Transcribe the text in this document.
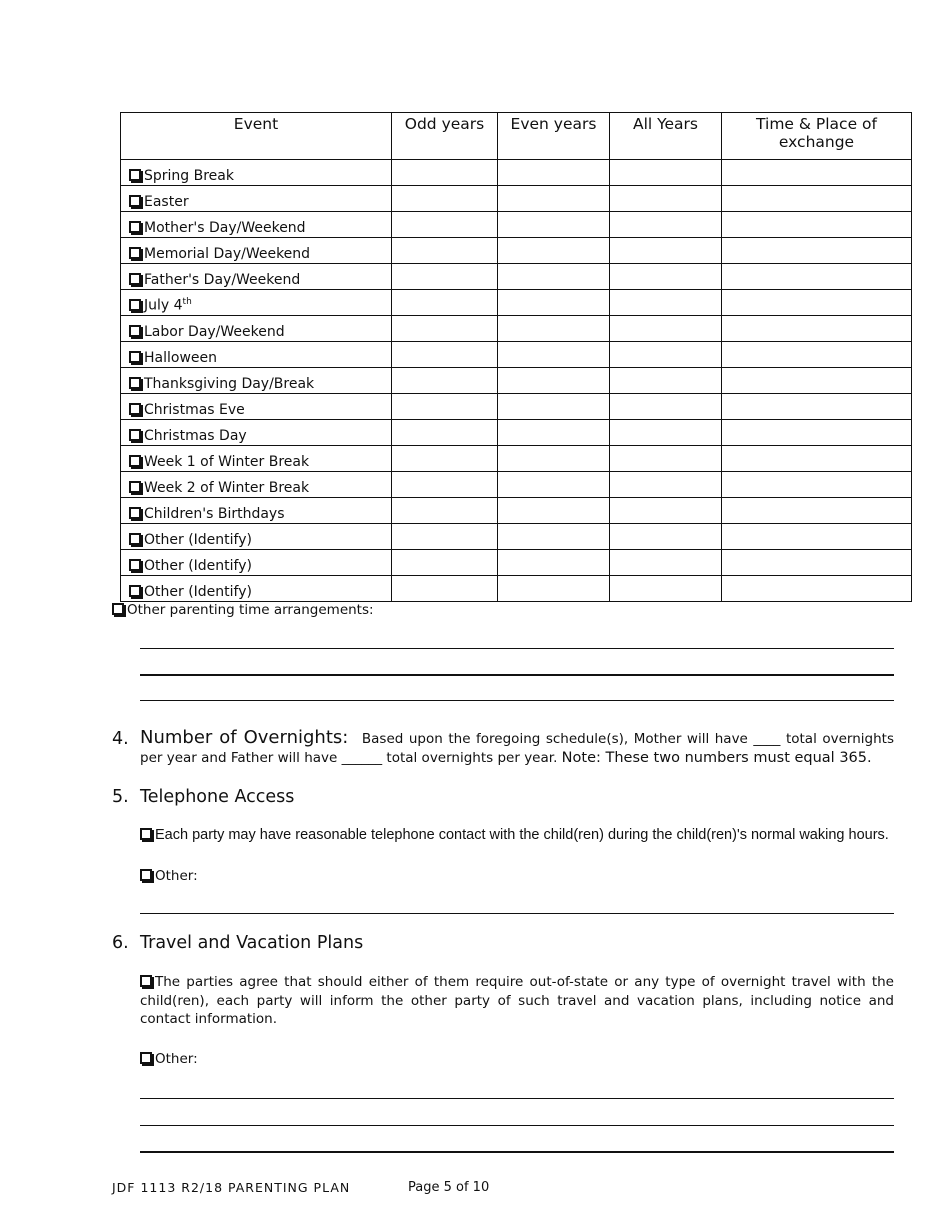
Event	Odd years	Even years	All Years	Time & Place of exchange
Spring Break				
Easter				
Mother's Day/Weekend				
Memorial Day/Weekend				
Father's Day/Weekend				
July 4th				
Labor Day/Weekend				
Halloween				
Thanksgiving Day/Break				
Christmas Eve				
Christmas Day				
Week 1 of Winter Break				
Week 2 of Winter Break				
Children's Birthdays				
Other (Identify)				
Other (Identify)				
Other (Identify)				
Other parenting time arrangements:
4. Number of Overnights: Based upon the foregoing schedule(s), Mother will have ____ total overnights per year and Father will have ______ total overnights per year. Note: These two numbers must equal 365.
5. Telephone Access
Each party may have reasonable telephone contact with the child(ren) during the child(ren)'s normal waking hours.
Other:
6. Travel and Vacation Plans
The parties agree that should either of them require out-of-state or any type of overnight travel with the child(ren), each party will inform the other party of such travel and vacation plans, including notice and contact information.
Other:
JDF 1113 R2/18 PARENTING PLAN	Page 5 of 10
